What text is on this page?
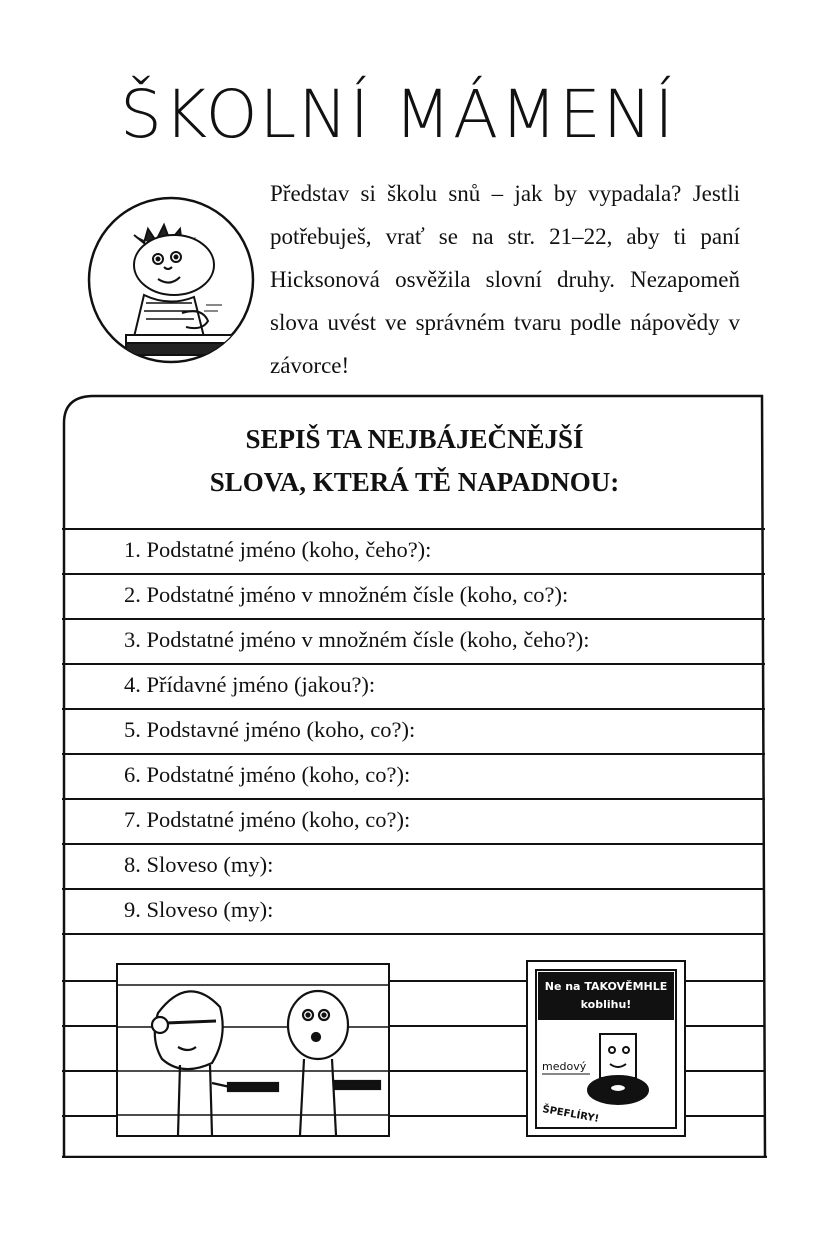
ŠKOLNÍ MÁMENÍ

Představ si školu snů – jak by vypadala? Jestli potřebuješ, vrať se na str. 21–22, aby ti paní Hicksonová osvěžila slovní druhy. Nezapomeň slova uvést ve správném tvaru podle nápovědy v závorce!

SEPIŠ TA NEJBÁJEČNĚJŠÍ
SLOVA, KTERÁ TĚ NAPADNOU:
1. Podstatné jméno (koho, čeho?):
2. Podstatné jméno v množném čísle (koho, co?):
3. Podstatné jméno v množném čísle (koho, čeho?):
4. Přídavné jméno (jakou?):
5. Podstavné jméno (koho, co?):
6. Podstatné jméno (koho, co?):
7. Podstatné jméno (koho, co?):
8. Sloveso (my):
9. Sloveso (my):
Ne na TAKOVĚMHLE
koblihu!
medový
ŠPEFLÍRY!
